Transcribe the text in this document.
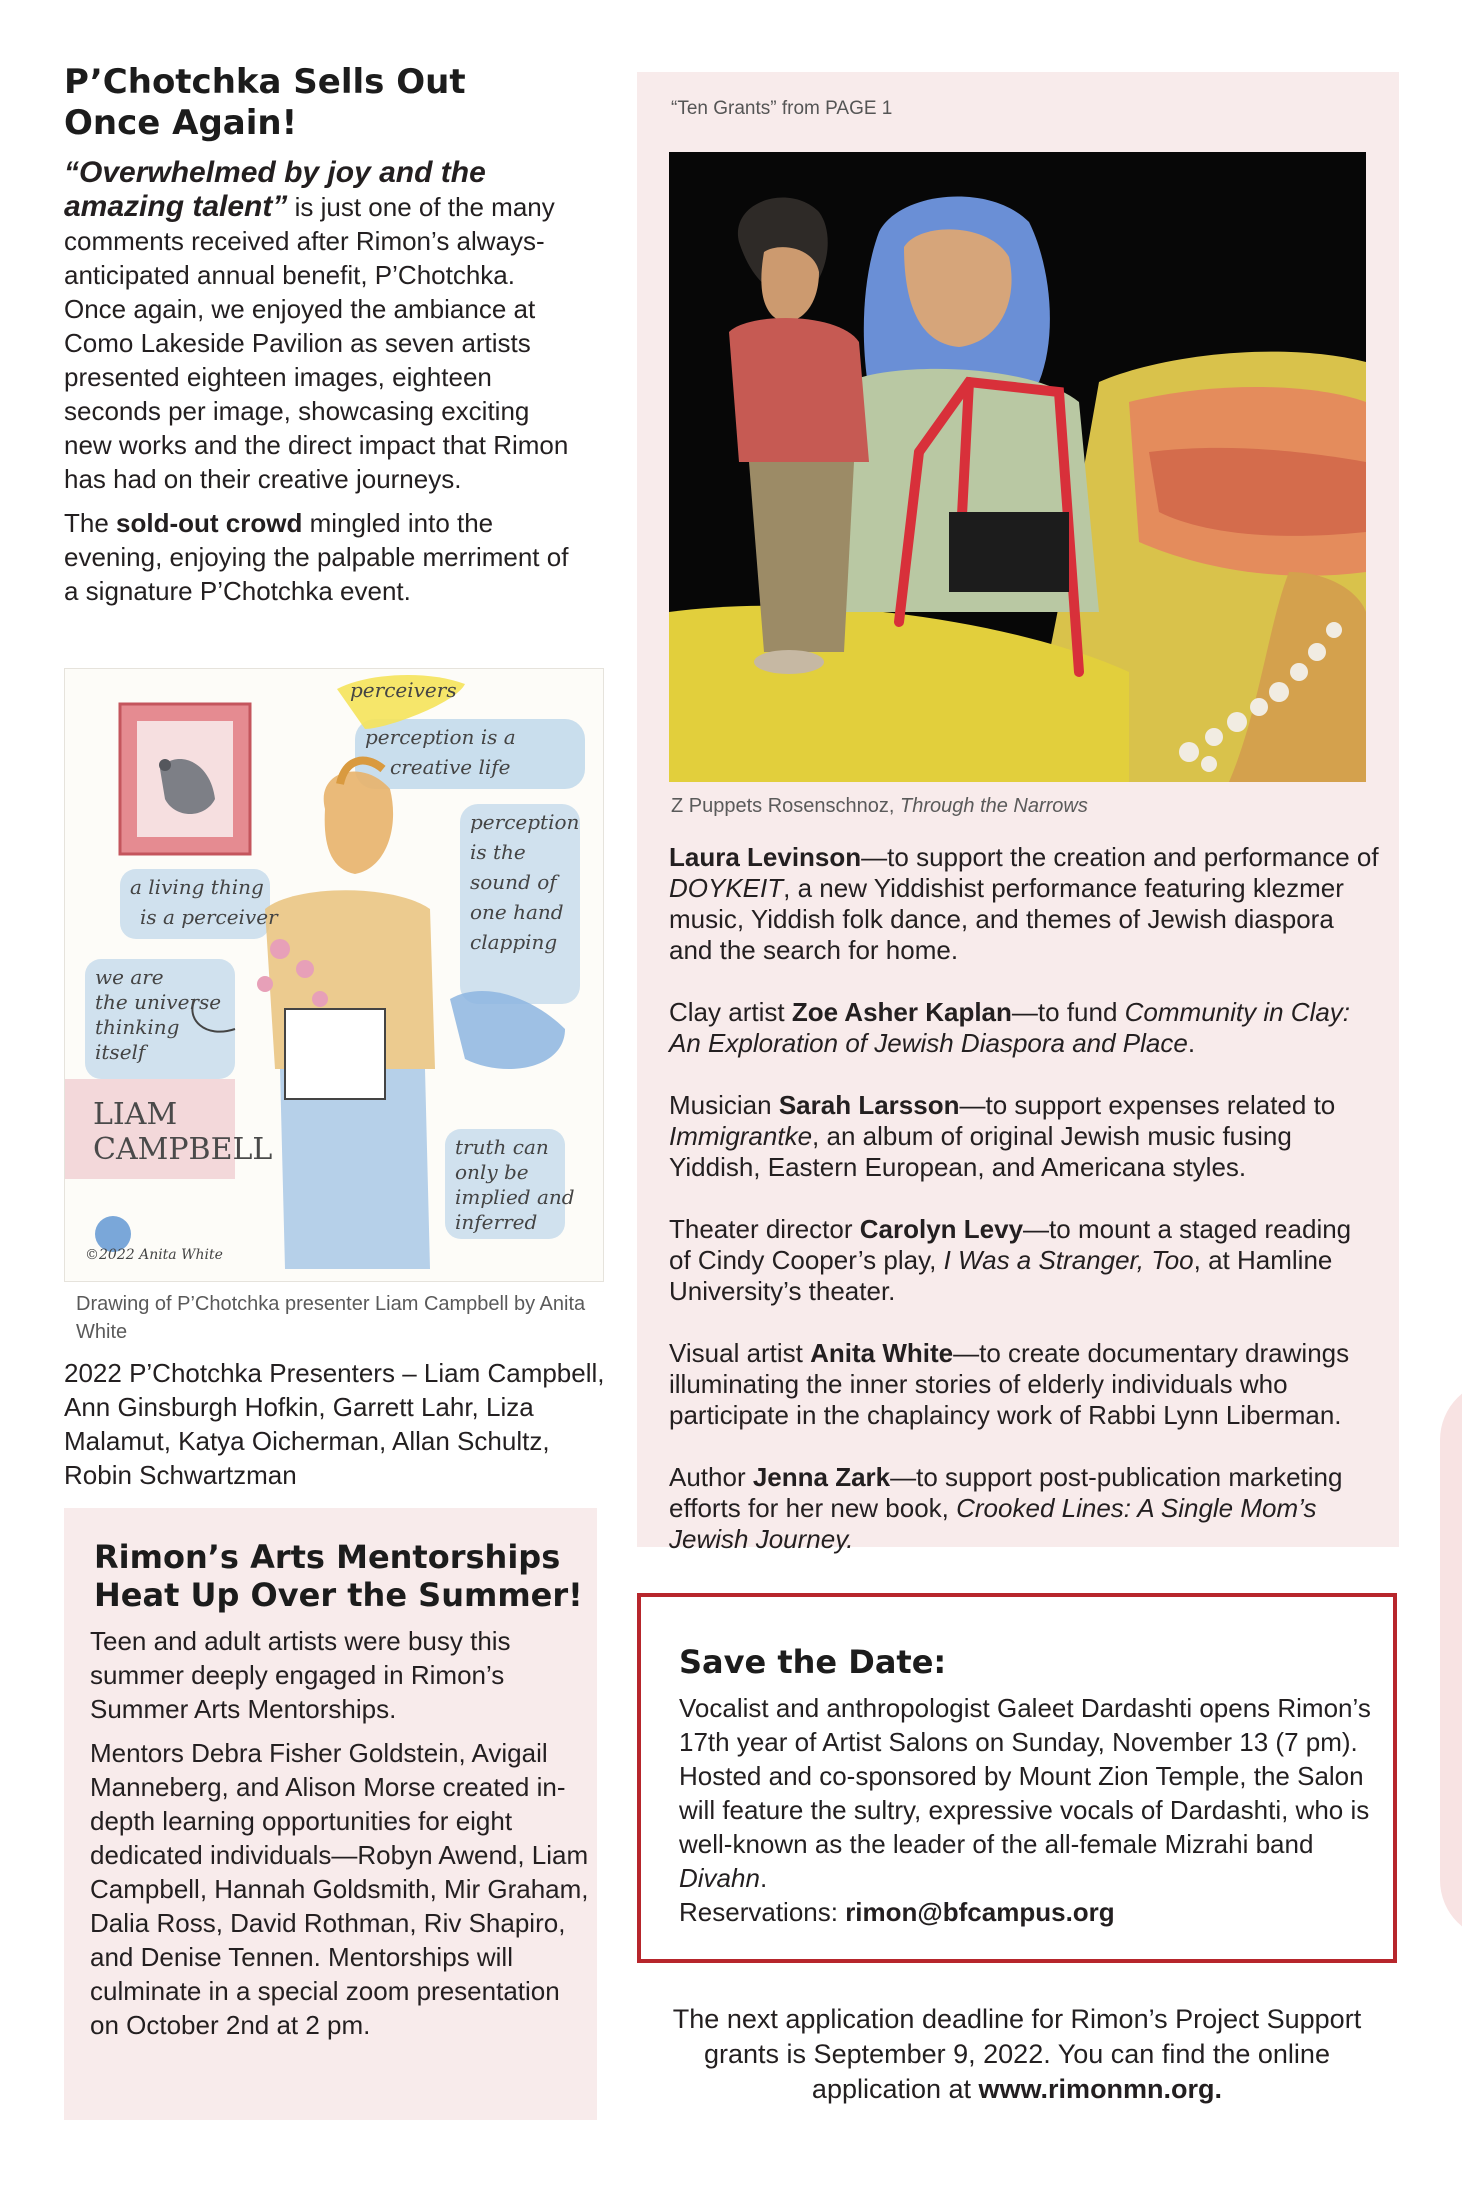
P’Chotchka Sells Out
Once Again!

“Overwhelmed by joy and the amazing talent” is just one of the many comments received after Rimon’s always-anticipated annual benefit, P’Chotchka. Once again, we enjoyed the ambiance at Como Lakeside Pavilion as seven artists presented eighteen images, eighteen seconds per image, showcasing exciting new works and the direct impact that Rimon has had on their creative journeys.

The sold-out crowd mingled into the evening, enjoying the palpable merriment of a signature P’Chotchka event.

perceivers
perception is a
creative life
a living thing
is a perceiver
perception
is the
sound of
one hand
clapping
we are
the universe
thinking
itself
truth can
only be
implied and
inferred
©2022 Anita White
LIAM
CAMPBELL
Drawing of P’Chotchka presenter Liam Campbell by Anita White
2022 P’Chotchka Presenters – Liam Campbell, Ann Ginsburgh Hofkin, Garrett Lahr, Liza Malamut, Katya Oicherman, Allan Schultz, Robin Schwartzman
Rimon’s Arts Mentorships
Heat Up Over the Summer!

Teen and adult artists were busy this summer deeply engaged in Rimon’s Summer Arts Mentorships.

Mentors Debra Fisher Goldstein, Avigail Manneberg, and Alison Morse created in-depth learning opportunities for eight dedicated individuals—Robyn Awend, Liam Campbell, Hannah Goldsmith, Mir Graham, Dalia Ross, David Rothman, Riv Shapiro, and Denise Tennen. Mentorships will culminate in a special zoom presentation on October 2nd at 2 pm.

“Ten Grants” from PAGE 1
Z Puppets Rosenschnoz, Through the Narrows

Laura Levinson—to support the creation and performance of DOYKEIT, a new Yiddishist performance featuring klezmer music, Yiddish folk dance, and themes of Jewish diaspora and the search for home.

Clay artist Zoe Asher Kaplan—to fund Community in Clay: An Exploration of Jewish Diaspora and Place.

Musician Sarah Larsson—to support expenses related to Immigrantke, an album of original Jewish music fusing Yiddish, Eastern European, and Americana styles.

Theater director Carolyn Levy—to mount a staged reading of Cindy Cooper’s play, I Was a Stranger, Too, at Hamline University’s theater.

Visual artist Anita White—to create documentary drawings illuminating the inner stories of elderly individuals who participate in the chaplaincy work of Rabbi Lynn Liberman.

Author Jenna Zark—to support post-publication marketing efforts for her new book, Crooked Lines: A Single Mom’s Jewish Journey.

Save the Date:
Vocalist and anthropologist Galeet Dardashti opens Rimon’s 17th year of Artist Salons on Sunday, November 13 (7 pm). Hosted and co-sponsored by Mount Zion Temple, the Salon will feature the sultry, expressive vocals of Dardashti, who is well-known as the leader of the all-female Mizrahi band Divahn.
Reservations: rimon@bfcampus.org
The next application deadline for Rimon’s Project Support grants is September 9, 2022. You can find the online application at www.rimonmn.org.
